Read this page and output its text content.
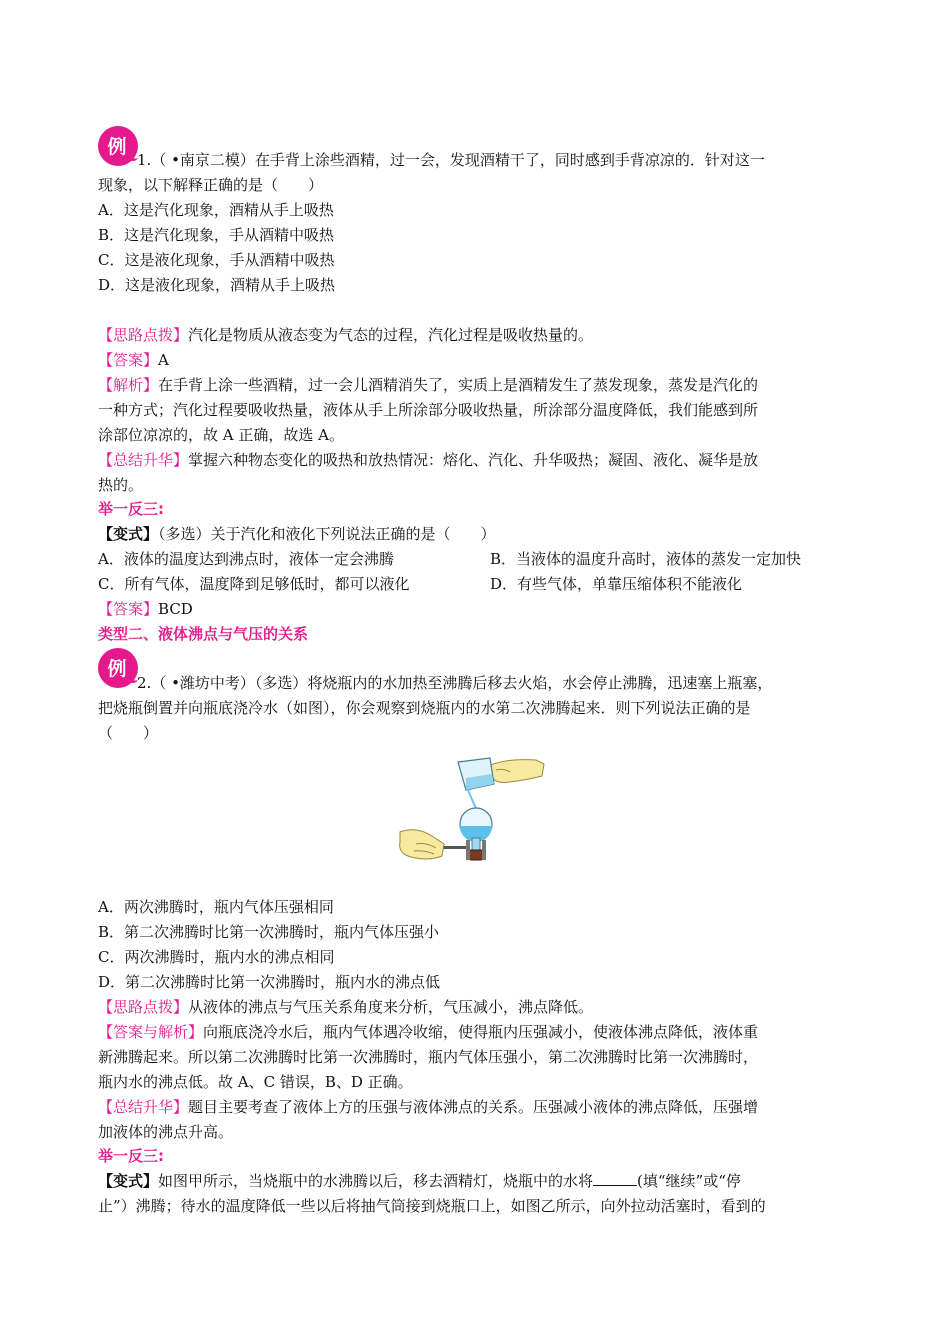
例
1.（ •南京二模）在手背上涂些酒精，过一会，发现酒精干了，同时感到手背凉凉的．针对这一
现象，以下解释正确的是（　　）
A．这是汽化现象，酒精从手上吸热
B．这是汽化现象，手从酒精中吸热
C．这是液化现象，手从酒精中吸热
D．这是液化现象，酒精从手上吸热
【思路点拨】汽化是物质从液态变为气态的过程，汽化过程是吸收热量的。
【答案】A
【解析】在手背上涂一些酒精，过一会儿酒精消失了，实质上是酒精发生了蒸发现象，蒸发是汽化的
一种方式；汽化过程要吸收热量，液体从手上所涂部分吸收热量，所涂部分温度降低，我们能感到所
涂部位凉凉的，故 A 正确，故选 A。
【总结升华】掌握六种物态变化的吸热和放热情况：熔化、汽化、升华吸热；凝固、液化、凝华是放
热的。
举一反三:
【变式】（多选）关于汽化和液化下列说法正确的是（　　）
A．液体的温度达到沸点时，液体一定会沸腾	B．当液体的温度升高时，液体的蒸发一定加快
C．所有气体，温度降到足够低时，都可以液化	D．有些气体，单靠压缩体积不能液化
【答案】BCD
类型二、液体沸点与气压的关系
例
2.（ •潍坊中考）（多选）将烧瓶内的水加热至沸腾后移去火焰，水会停止沸腾，迅速塞上瓶塞，
把烧瓶倒置并向瓶底浇冷水（如图），你会观察到烧瓶内的水第二次沸腾起来．则下列说法正确的是
（　　）
A．两次沸腾时，瓶内气体压强相同
B．第二次沸腾时比第一次沸腾时，瓶内气体压强小
C．两次沸腾时，瓶内水的沸点相同
D．第二次沸腾时比第一次沸腾时，瓶内水的沸点低
【思路点拨】从液体的沸点与气压关系角度来分析，气压减小，沸点降低。
【答案与解析】向瓶底浇冷水后，瓶内气体遇冷收缩，使得瓶内压强减小，使液体沸点降低，液体重
新沸腾起来。所以第二次沸腾时比第一次沸腾时，瓶内气体压强小，第二次沸腾时比第一次沸腾时，
瓶内水的沸点低。故 A、C 错误，B、D 正确。
【总结升华】题目主要考查了液体上方的压强与液体沸点的关系。压强减小液体的沸点降低，压强增
加液体的沸点升高。
举一反三:
【变式】如图甲所示，当烧瓶中的水沸腾以后，移去酒精灯，烧瓶中的水将	(填“继续”或“停
止”）沸腾；待水的温度降低一些以后将抽气筒接到烧瓶口上，如图乙所示，向外拉动活塞时，看到的
